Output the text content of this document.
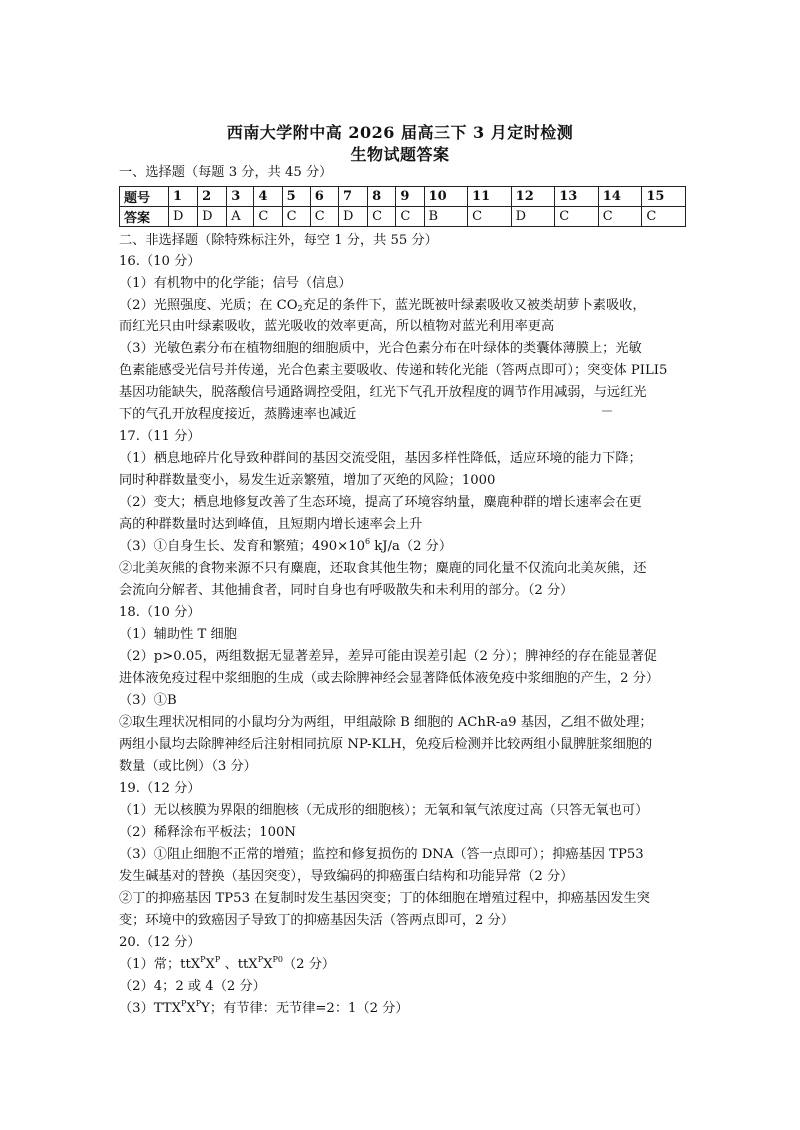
西南大学附中高 2026 届高三下 3 月定时检测
生物试题答案
一、选择题（每题 3 分，共 45 分）
题号	1	2	3	4	5	6	7	8	9	10	11	12	13	14	15
答案	D	D	A	C	C	C	D	C	C	B	C	D	C	C	C
二、非选择题（除特殊标注外，每空 1 分，共 55 分）
16.（10 分）
（1）有机物中的化学能；信号（信息）
（2）光照强度、光质；在 $CO_2$充足的条件下，蓝光既被叶绿素吸收又被类胡萝卜素吸收，
而红光只由叶绿素吸收，蓝光吸收的效率更高，所以植物对蓝光利用率更高
（3）光敏色素分布在植物细胞的细胞质中，光合色素分布在叶绿体的类囊体薄膜上；光敏
色素能感受光信号并传递，光合色素主要吸收、传递和转化光能（答两点即可）；突变体 PILI5
基因功能缺失，脱落酸信号通路调控受阻，红光下气孔开放程度的调节作用减弱，与远红光
下的气孔开放程度接近，蒸腾速率也减近
17.（11 分）
（1）栖息地碎片化导致种群间的基因交流受阻，基因多样性降低，适应环境的能力下降；
同时种群数量变小，易发生近亲繁殖，增加了灭绝的风险；1000
（2）变大；栖息地修复改善了生态环境，提高了环境容纳量，麋鹿种群的增长速率会在更
高的种群数量时达到峰值，且短期内增长速率会上升
（3）①自身生长、发育和繁殖；$490\times 10^6$ kJ/a（2 分）
②北美灰熊的食物来源不只有麋鹿，还取食其他生物；麋鹿的同化量不仅流向北美灰熊，还
会流向分解者、其他捕食者，同时自身也有呼吸散失和未利用的部分。（2 分）
18.（10 分）
（1）辅助性 T 细胞
（2）p>0.05，两组数据无显著差异，差异可能由误差引起（2 分）；脾神经的存在能显著促
进体液免疫过程中浆细胞的生成（或去除脾神经会显著降低体液免疫中浆细胞的产生，2 分）
（3）①B
②取生理状况相同的小鼠均分为两组，甲组敲除 B 细胞的 AChR-a9 基因，乙组不做处理；
两组小鼠均去除脾神经后注射相同抗原 NP-KLH，免疫后检测并比较两组小鼠脾脏浆细胞的
数量（或比例）（3 分）
19.（12 分）
（1）无以核膜为界限的细胞核（无成形的细胞核）；无氧和氧气浓度过高（只答无氧也可）
（2）稀释涂布平板法；100N
（3）①阻止细胞不正常的增殖；监控和修复损伤的 DNA（答一点即可）；抑癌基因 TP53
发生碱基对的替换（基因突变），导致编码的抑癌蛋白结构和功能异常（2 分）
②丁的抑癌基因 TP53 在复制时发生基因突变；丁的体细胞在增殖过程中，抑癌基因发生突
变；环境中的致癌因子导致丁的抑癌基因失活（答两点即可，2 分）
20.（12 分）
（1）常；$ttX^PX^P$ 、$ttX^PX^{P0}(2$ 分）
（2）4；2 或 4（2 分）
$(3)TTX^PX^PY$；有节律：无节律=2：1（2 分）
